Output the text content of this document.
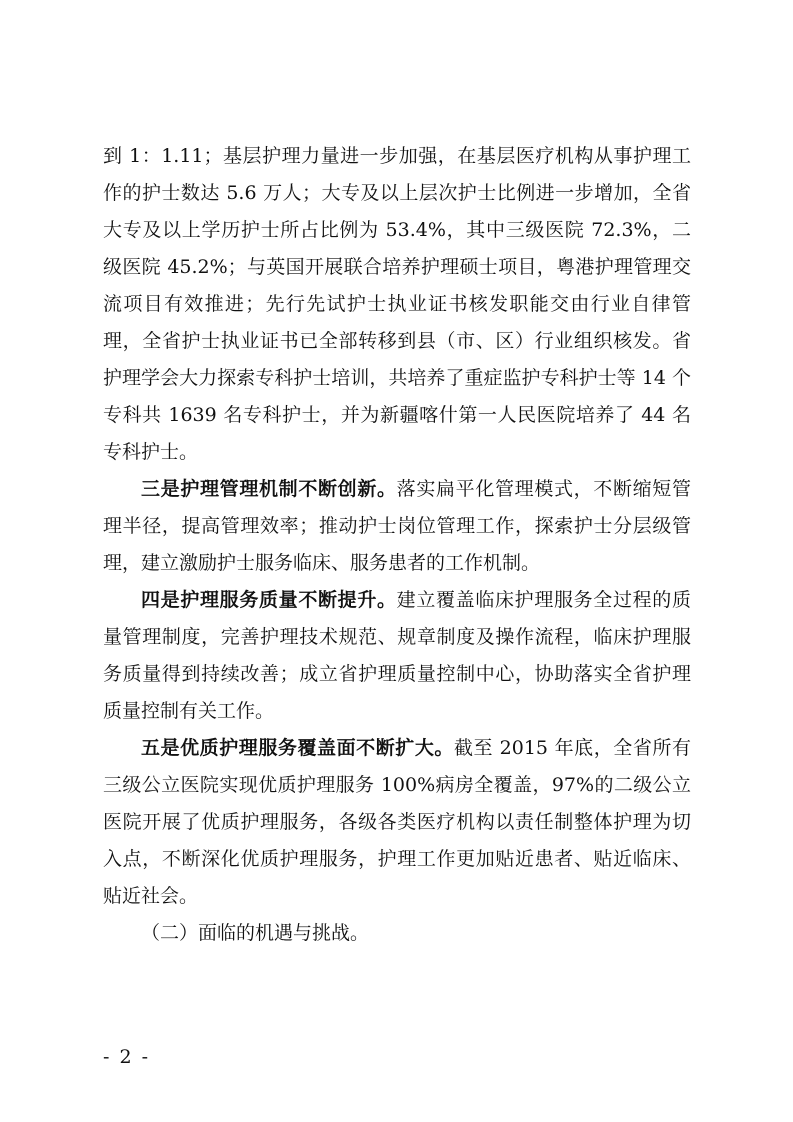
到 1：1.11；基层护理力量进一步加强，在基层医疗机构从事护理工作的护士数达 5.6 万人；大专及以上层次护士比例进一步增加，全省大专及以上学历护士所占比例为 53.4%，其中三级医院 72.3%，二级医院 45.2%；与英国开展联合培养护理硕士项目，粤港护理管理交流项目有效推进；先行先试护士执业证书核发职能交由行业自律管理，全省护士执业证书已全部转移到县（市、区）行业组织核发。省护理学会大力探索专科护士培训，共培养了重症监护专科护士等 14 个专科共 1639 名专科护士，并为新疆喀什第一人民医院培养了 44 名专科护士。

三是护理管理机制不断创新。落实扁平化管理模式，不断缩短管理半径，提高管理效率；推动护士岗位管理工作，探索护士分层级管理，建立激励护士服务临床、服务患者的工作机制。

四是护理服务质量不断提升。建立覆盖临床护理服务全过程的质量管理制度，完善护理技术规范、规章制度及操作流程，临床护理服务质量得到持续改善；成立省护理质量控制中心，协助落实全省护理质量控制有关工作。

五是优质护理服务覆盖面不断扩大。截至 2015 年底，全省所有三级公立医院实现优质护理服务 100%病房全覆盖，97%的二级公立医院开展了优质护理服务，各级各类医疗机构以责任制整体护理为切入点，不断深化优质护理服务，护理工作更加贴近患者、贴近临床、贴近社会。

（二）面临的机遇与挑战。

- 2 -
